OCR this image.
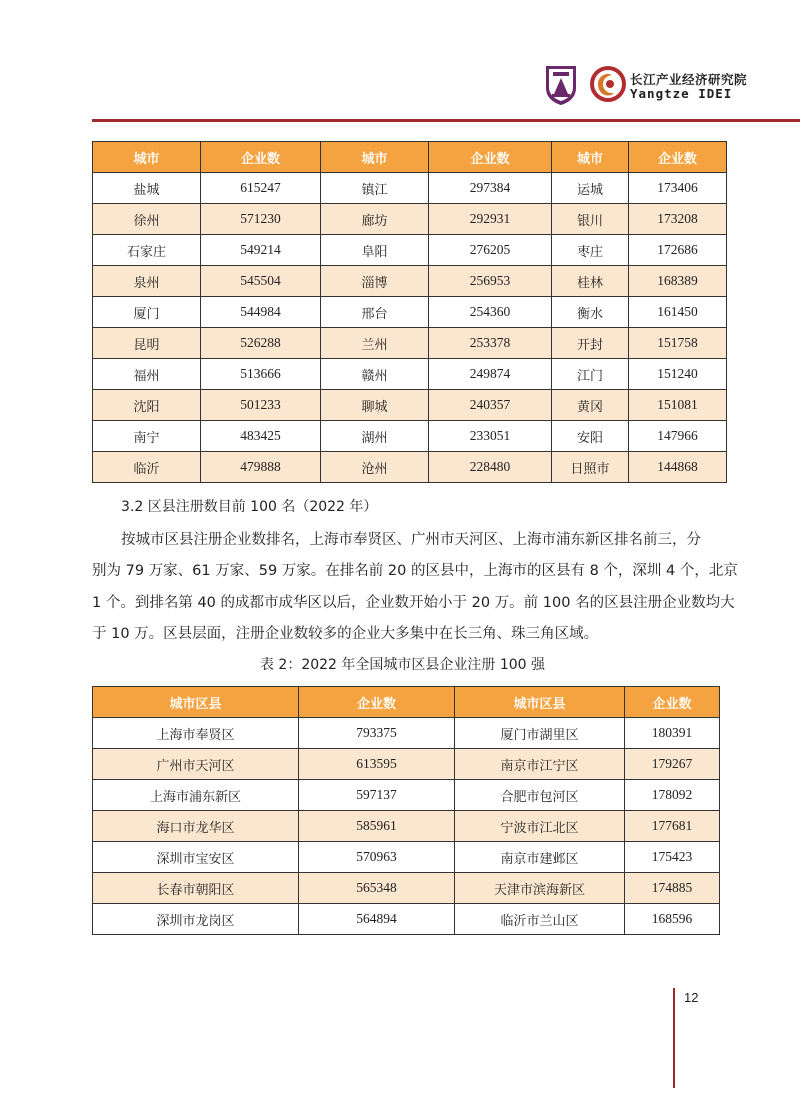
长江产业经济研究院
Yangtze IDEI
城市	企业数	城市	企业数	城市	企业数
盐城	615247	镇江	297384	运城	173406
徐州	571230	廊坊	292931	银川	173208
石家庄	549214	阜阳	276205	枣庄	172686
泉州	545504	淄博	256953	桂林	168389
厦门	544984	邢台	254360	衡水	161450
昆明	526288	兰州	253378	开封	151758
福州	513666	赣州	249874	江门	151240
沈阳	501233	聊城	240357	黄冈	151081
南宁	483425	湖州	233051	安阳	147966
临沂	479888	沧州	228480	日照市	144868
3.2 区县注册数目前 100 名（2022 年）
按城市区县注册企业数排名，上海市奉贤区、广州市天河区、上海市浦东新区排名前三，分
别为 79 万家、61 万家、59 万家。在排名前 20 的区县中，上海市的区县有 8 个，深圳 4 个，北京
1 个。到排名第 40 的成都市成华区以后，企业数开始小于 20 万。前 100 名的区县注册企业数均大
于 10 万。区县层面，注册企业数较多的企业大多集中在长三角、珠三角区域。
表 2：2022 年全国城市区县企业注册 100 强
城市区县	企业数	城市区县	企业数
上海市奉贤区	793375	厦门市湖里区	180391
广州市天河区	613595	南京市江宁区	179267
上海市浦东新区	597137	合肥市包河区	178092
海口市龙华区	585961	宁波市江北区	177681
深圳市宝安区	570963	南京市建邺区	175423
长春市朝阳区	565348	天津市滨海新区	174885
深圳市龙岗区	564894	临沂市兰山区	168596
12
